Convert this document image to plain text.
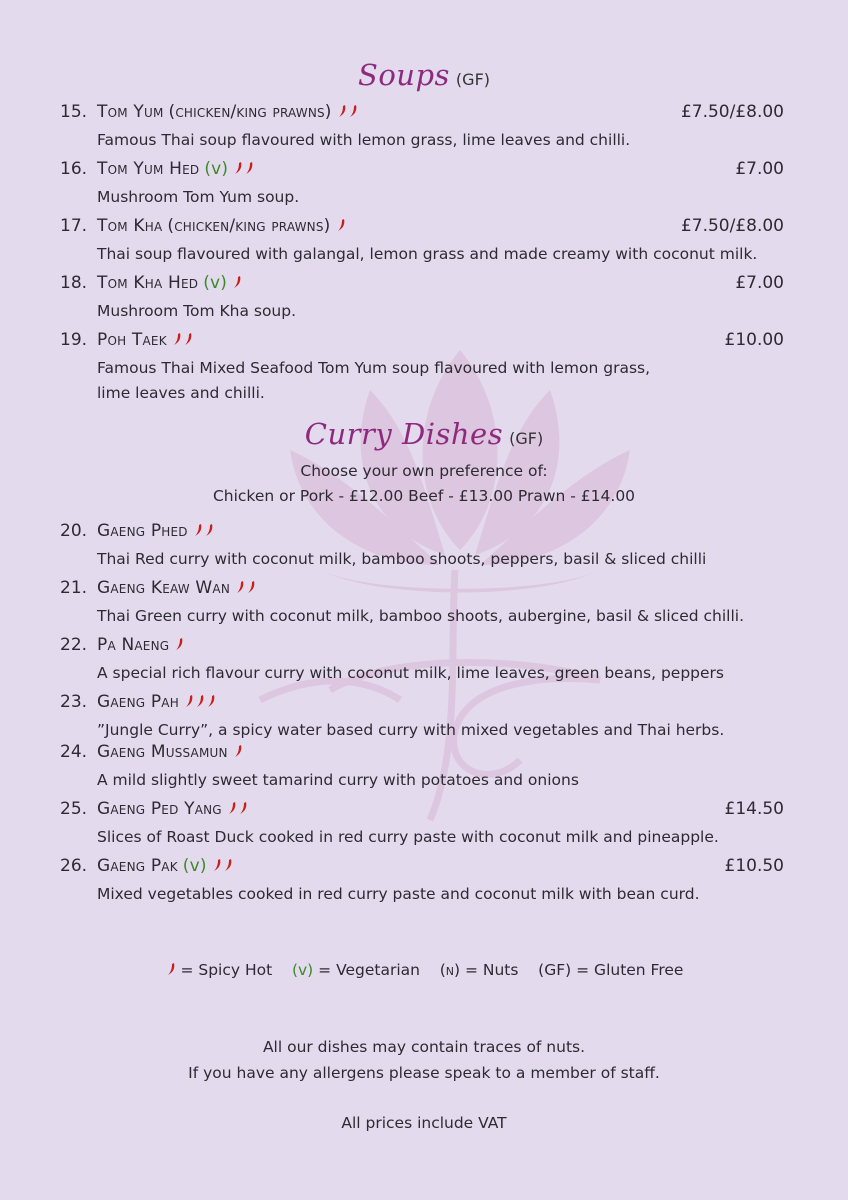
Soups (GF)
15. Tom Yum (chicken/king prawns)	£7.50/£8.00
Famous Thai soup flavoured with lemon grass, lime leaves and chilli.
16. Tom Yum Hed (v)	£7.00
Mushroom Tom Yum soup.
17. Tom Kha (chicken/king prawns)	£7.50/£8.00
Thai soup flavoured with galangal, lemon grass and made creamy with coconut milk.
18. Tom Kha Hed (v)	£7.00
Mushroom Tom Kha soup.
19. Poh Taek	£10.00
Famous Thai Mixed Seafood Tom Yum soup flavoured with lemon grass,
lime leaves and chilli.
Curry Dishes (GF)
Choose your own preference of:
Chicken or Pork - £12.00 Beef - £13.00 Prawn - £14.00
20. Gaeng Phed
Thai Red curry with coconut milk, bamboo shoots, peppers, basil & sliced chilli
21. Gaeng Keaw Wan
Thai Green curry with coconut milk, bamboo shoots, aubergine, basil & sliced chilli.
22. Pa Naeng
A special rich flavour curry with coconut milk, lime leaves, green beans, peppers
23. Gaeng Pah
”Jungle Curry”, a spicy water based curry with mixed vegetables and Thai herbs.
24. Gaeng Mussamun
A mild slightly sweet tamarind curry with potatoes and onions
25. Gaeng Ped Yang	£14.50
Slices of Roast Duck cooked in red curry paste with coconut milk and pineapple.
26. Gaeng Pak (v)	£10.50
Mixed vegetables cooked in red curry paste and coconut milk with bean curd.
= Spicy Hot (v) = Vegetarian (n) = Nuts (GF) = Gluten Free
All our dishes may contain traces of nuts.
If you have any allergens please speak to a member of staff.
All prices include VAT
